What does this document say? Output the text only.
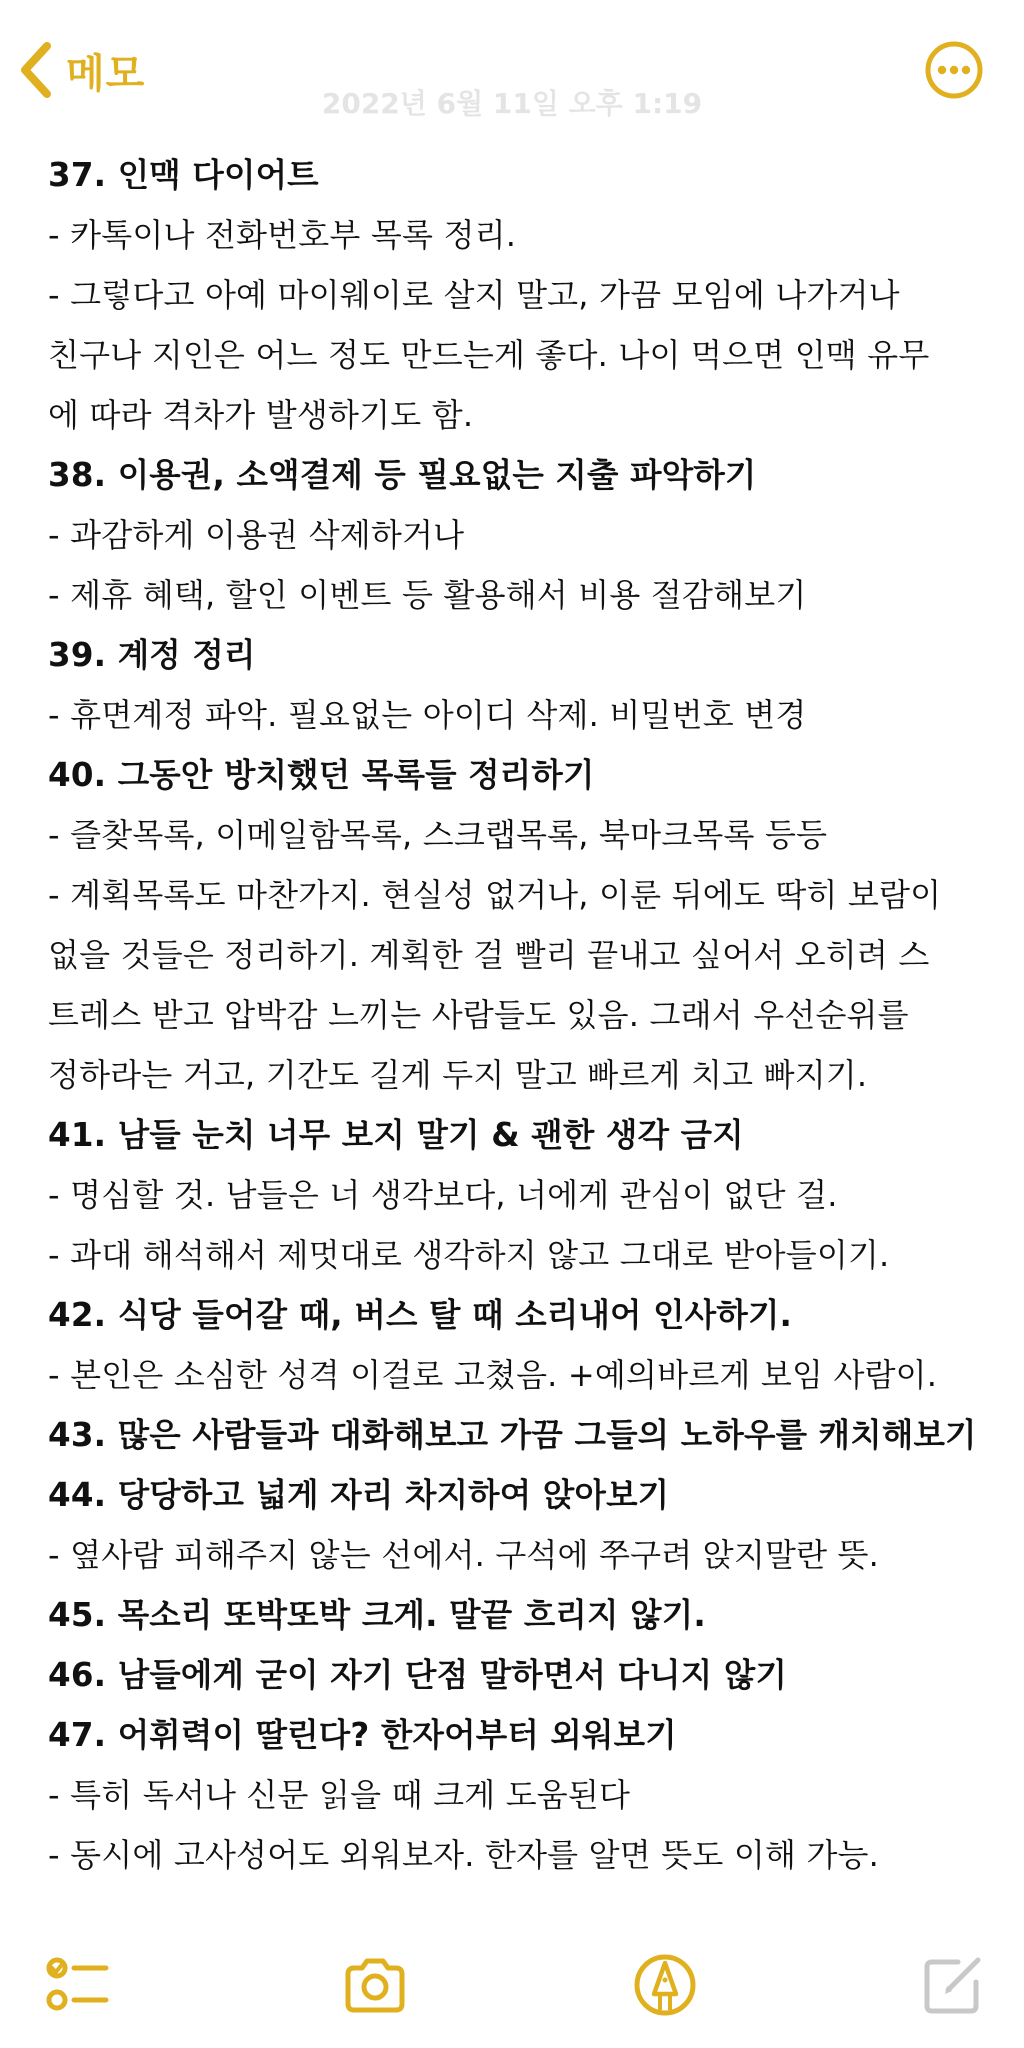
메모
2022년 6월 11일 오후 1:19
37. 인맥 다이어트
- 카톡이나 전화번호부 목록 정리.
- 그렇다고 아예 마이웨이로 살지 말고, 가끔 모임에 나가거나
친구나 지인은 어느 정도 만드는게 좋다. 나이 먹으면 인맥 유무
에 따라 격차가 발생하기도 함.
38. 이용권, 소액결제 등 필요없는 지출 파악하기
- 과감하게 이용권 삭제하거나
- 제휴 혜택, 할인 이벤트 등 활용해서 비용 절감해보기
39. 계정 정리
- 휴면계정 파악. 필요없는 아이디 삭제. 비밀번호 변경
40. 그동안 방치했던 목록들 정리하기
- 즐찾목록, 이메일함목록, 스크랩목록, 북마크목록 등등
- 계획목록도 마찬가지. 현실성 없거나, 이룬 뒤에도 딱히 보람이
없을 것들은 정리하기. 계획한 걸 빨리 끝내고 싶어서 오히려 스
트레스 받고 압박감 느끼는 사람들도 있음. 그래서 우선순위를
정하라는 거고, 기간도 길게 두지 말고 빠르게 치고 빠지기.
41. 남들 눈치 너무 보지 말기 & 괜한 생각 금지
- 명심할 것. 남들은 너 생각보다, 너에게 관심이 없단 걸.
- 과대 해석해서 제멋대로 생각하지 않고 그대로 받아들이기.
42. 식당 들어갈 때, 버스 탈 때 소리내어 인사하기.
- 본인은 소심한 성격 이걸로 고쳤음. +예의바르게 보임 사람이.
43. 많은 사람들과 대화해보고 가끔 그들의 노하우를 캐치해보기
44. 당당하고 넓게 자리 차지하여 앉아보기
- 옆사람 피해주지 않는 선에서. 구석에 쭈구려 앉지말란 뜻.
45. 목소리 또박또박 크게. 말끝 흐리지 않기.
46. 남들에게 굳이 자기 단점 말하면서 다니지 않기
47. 어휘력이 딸린다? 한자어부터 외워보기
- 특히 독서나 신문 읽을 때 크게 도움된다
- 동시에 고사성어도 외워보자. 한자를 알면 뜻도 이해 가능.
